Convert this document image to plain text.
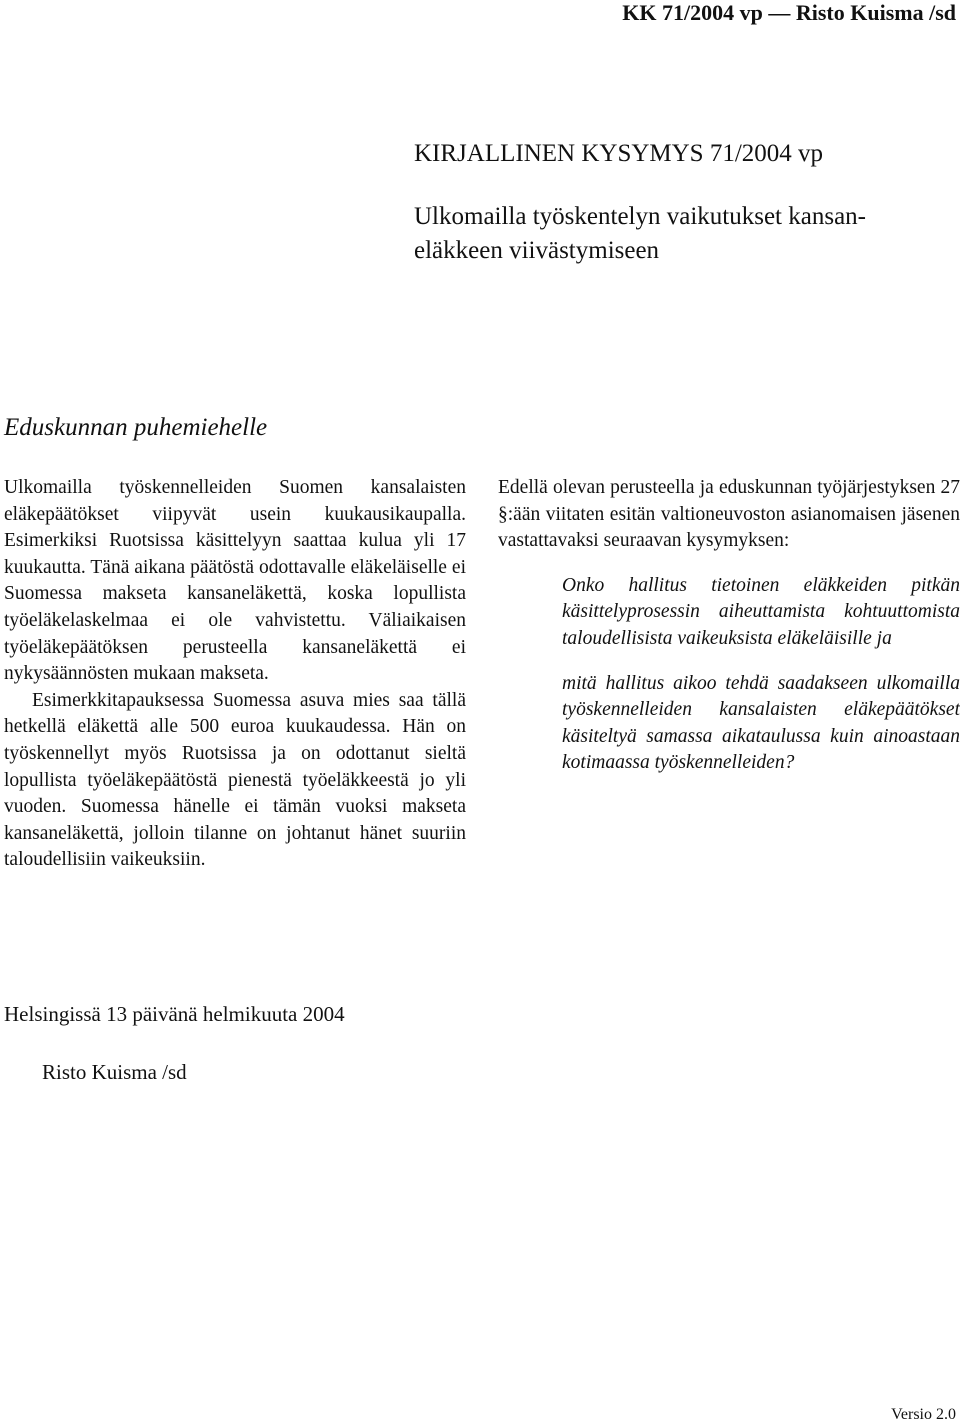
KK 71/2004 vp — Risto Kuisma /sd
KIRJALLINEN KYSYMYS 71/2004 vp
Ulkomailla työskentelyn vaikutukset kansan-
eläkkeen viivästymiseen
Eduskunnan puhemiehelle

Ulkomailla työskennelleiden Suomen kansalaisten eläkepäätökset viipyvät usein kuukausikaupalla. Esimerkiksi Ruotsissa käsittelyyn saattaa kulua yli 17 kuukautta. Tänä aikana päätöstä odottavalle eläkeläiselle ei Suomessa makseta kansaneläkettä, koska lopullista työeläkelaskelmaa ei ole vahvistettu. Väliaikaisen työeläkepäätöksen perusteella kansaneläkettä ei nykysäännösten mukaan makseta.

Esimerkkitapauksessa Suomessa asuva mies saa tällä hetkellä eläkettä alle 500 euroa kuukaudessa. Hän on työskennellyt myös Ruotsissa ja on odottanut sieltä lopullista työeläkepäätöstä pienestä työeläkkeestä jo yli vuoden. Suomessa hänelle ei tämän vuoksi makseta kansaneläkettä, jolloin tilanne on johtanut hänet suuriin taloudellisiin vaikeuksiin.

Edellä olevan perusteella ja eduskunnan työjärjestyksen 27 §:ään viitaten esitän valtioneuvoston asianomaisen jäsenen vastattavaksi seuraavan kysymyksen:

Onko hallitus tietoinen eläkkeiden pitkän käsittelyprosessin aiheuttamista kohtuuttomista taloudellisista vaikeuksista eläkeläisille ja

mitä hallitus aikoo tehdä saadakseen ulkomailla työskennelleiden kansalaisten eläkepäätökset käsiteltyä samassa aikataulussa kuin ainoastaan kotimaassa työskennelleiden?

Helsingissä 13 päivänä helmikuuta 2004
Risto Kuisma /sd
Versio 2.0
